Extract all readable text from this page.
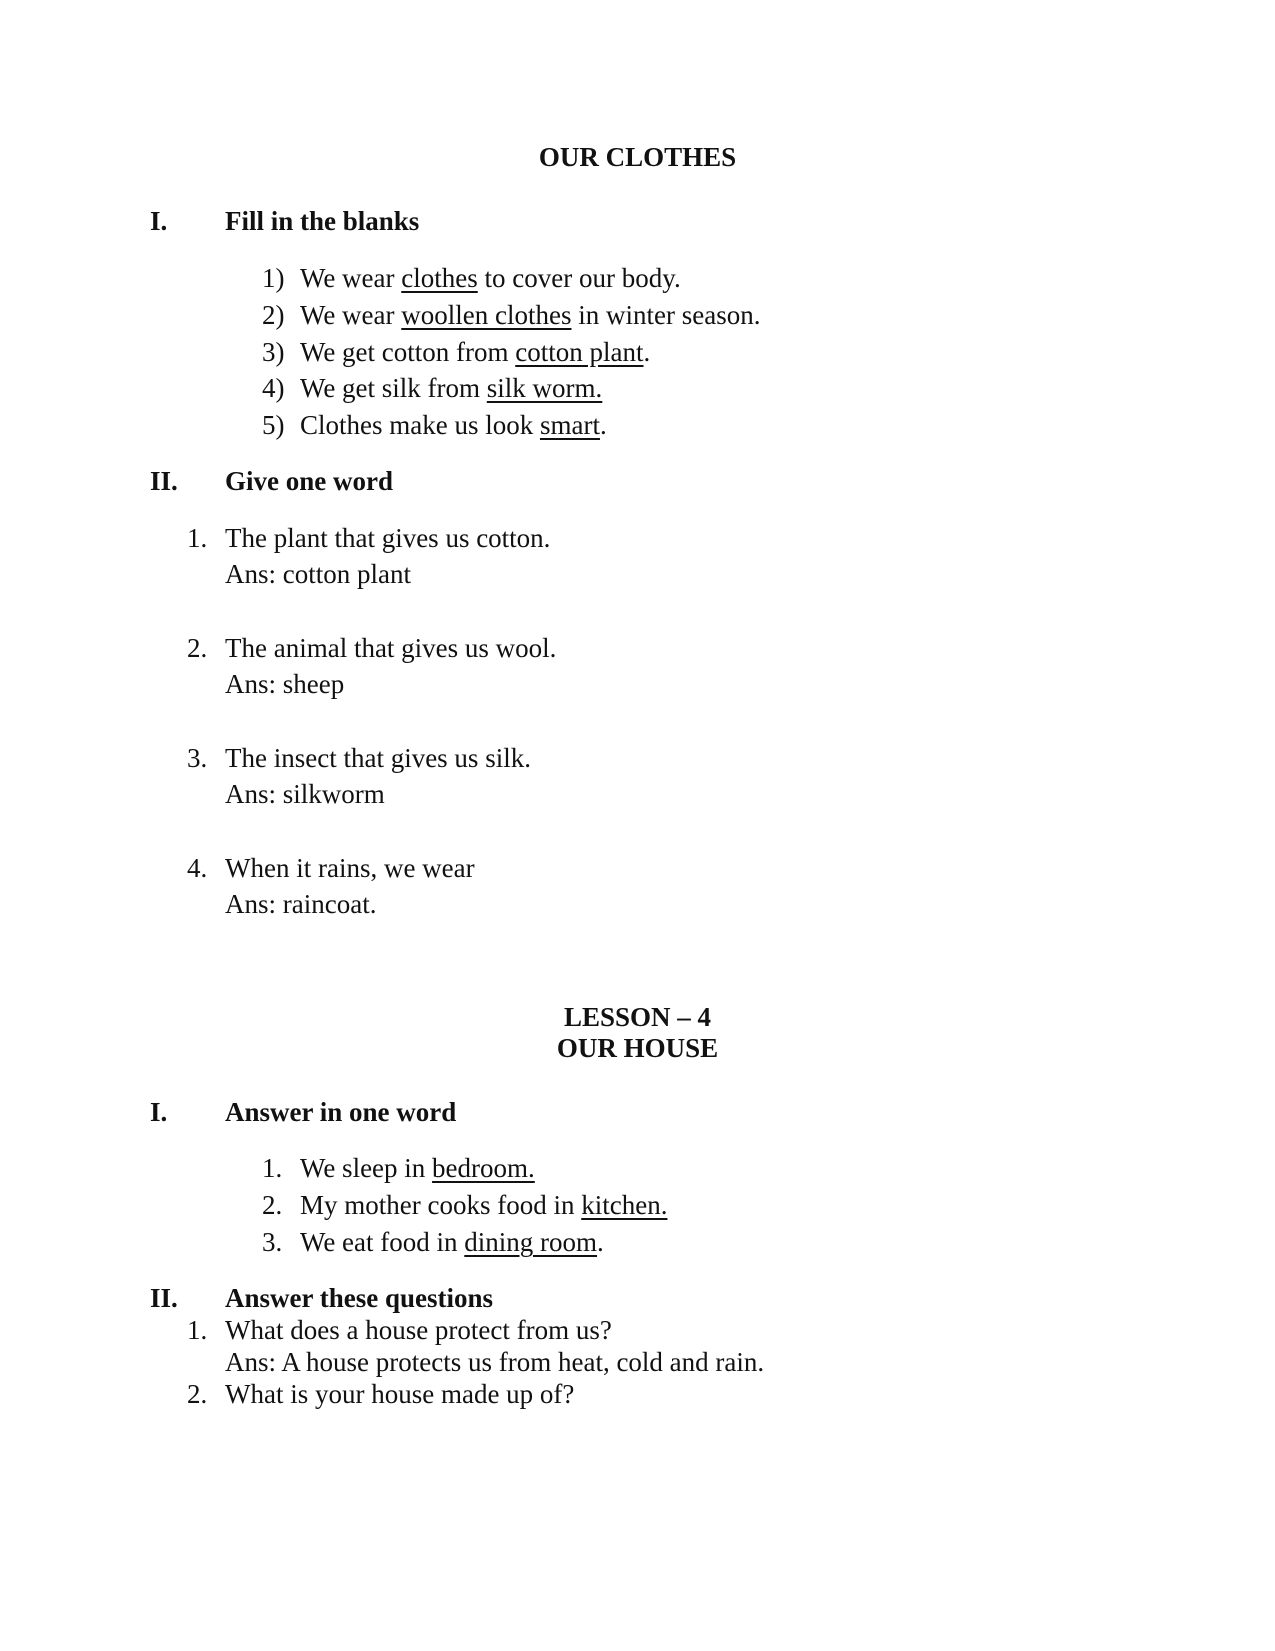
OUR CLOTHES
I. Fill in the blanks
1) We wear clothes to cover our body.
2) We wear woollen clothes in winter season.
3) We get cotton from cotton plant.
4) We get silk from silk worm.
5) Clothes make us look smart.
II. Give one word
1. The plant that gives us cotton.
Ans: cotton plant
2. The animal that gives us wool.
Ans: sheep
3. The insect that gives us silk.
Ans: silkworm
4. When it rains, we wear
Ans: raincoat.
LESSON – 4
OUR HOUSE
I. Answer in one word
1. We sleep in bedroom.
2. My mother cooks food in kitchen.
3. We eat food in dining room.
II. Answer these questions
1. What does a house protect from us?
Ans: A house protects us from heat, cold and rain.
2. What is your house made up of?
